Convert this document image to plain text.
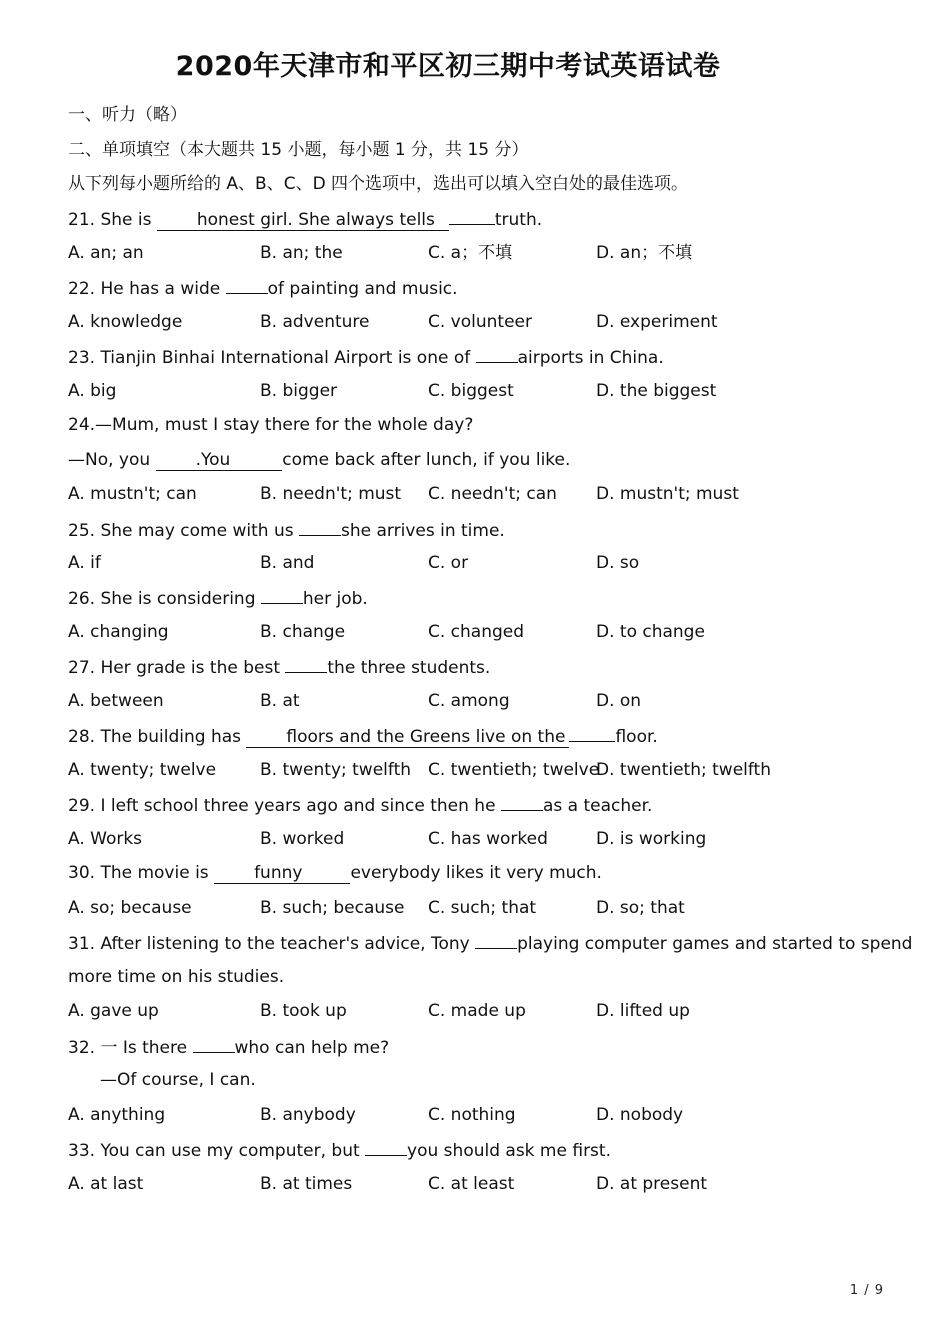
2020年天津市和平区初三期中考试英语试卷
一、听力（略）
二、单项填空（本大题共 15 小题，每小题 1 分，共 15 分）
从下列每小题所给的 A、B、C、D 四个选项中，选出可以填入空白处的最佳选项。
21. She is honest girl. She always tells	truth.
A. an; an	B. an; the	C. a；不填	D. an；不填
22. He has a wide of painting and music.
A. knowledge	B. adventure	C. volunteer	D. experiment
23. Tianjin Binhai International Airport is one of airports in China.
A. big	B. bigger	C. biggest	D. the biggest
24.—Mum, must I stay there for the whole day?
—No, you .You	come back after lunch, if you like.
A. mustn't; can	B. needn't; must C. needn't; can D. mustn't; must
25. She may come with us she arrives in time.
A. if	B. and	C. or	D. so
26. She is considering her job.
A. changing	B. change	C. changed	D. to change
27. Her grade is the best the three students.
A. between	B. at	C. among	D. on
28. The building has floors and the Greens live on the	floor.
A. twenty; twelve	B. twenty; twelfth C. twentieth; twelve
D. twentieth; twelfth
29. I left school three years ago and since then he as a teacher.
A. Works	B. worked	C. has worked	D. is working
30. The movie is funny	everybody likes it very much.
A. so; because	B. such; because C. such; that	D. so; that
31. After listening to the teacher's advice, Tony playing computer games and started to spend
more time on his studies.
A. gave up	B. took up	C. made up	D. lifted up
32. 一 Is there who can help me?
—Of course, I can.
A. anything	B. anybody	C. nothing	D. nobody
33. You can use my computer, but you should ask me first.
A. at last	B. at times	C. at least	D. at present
1 / 9
